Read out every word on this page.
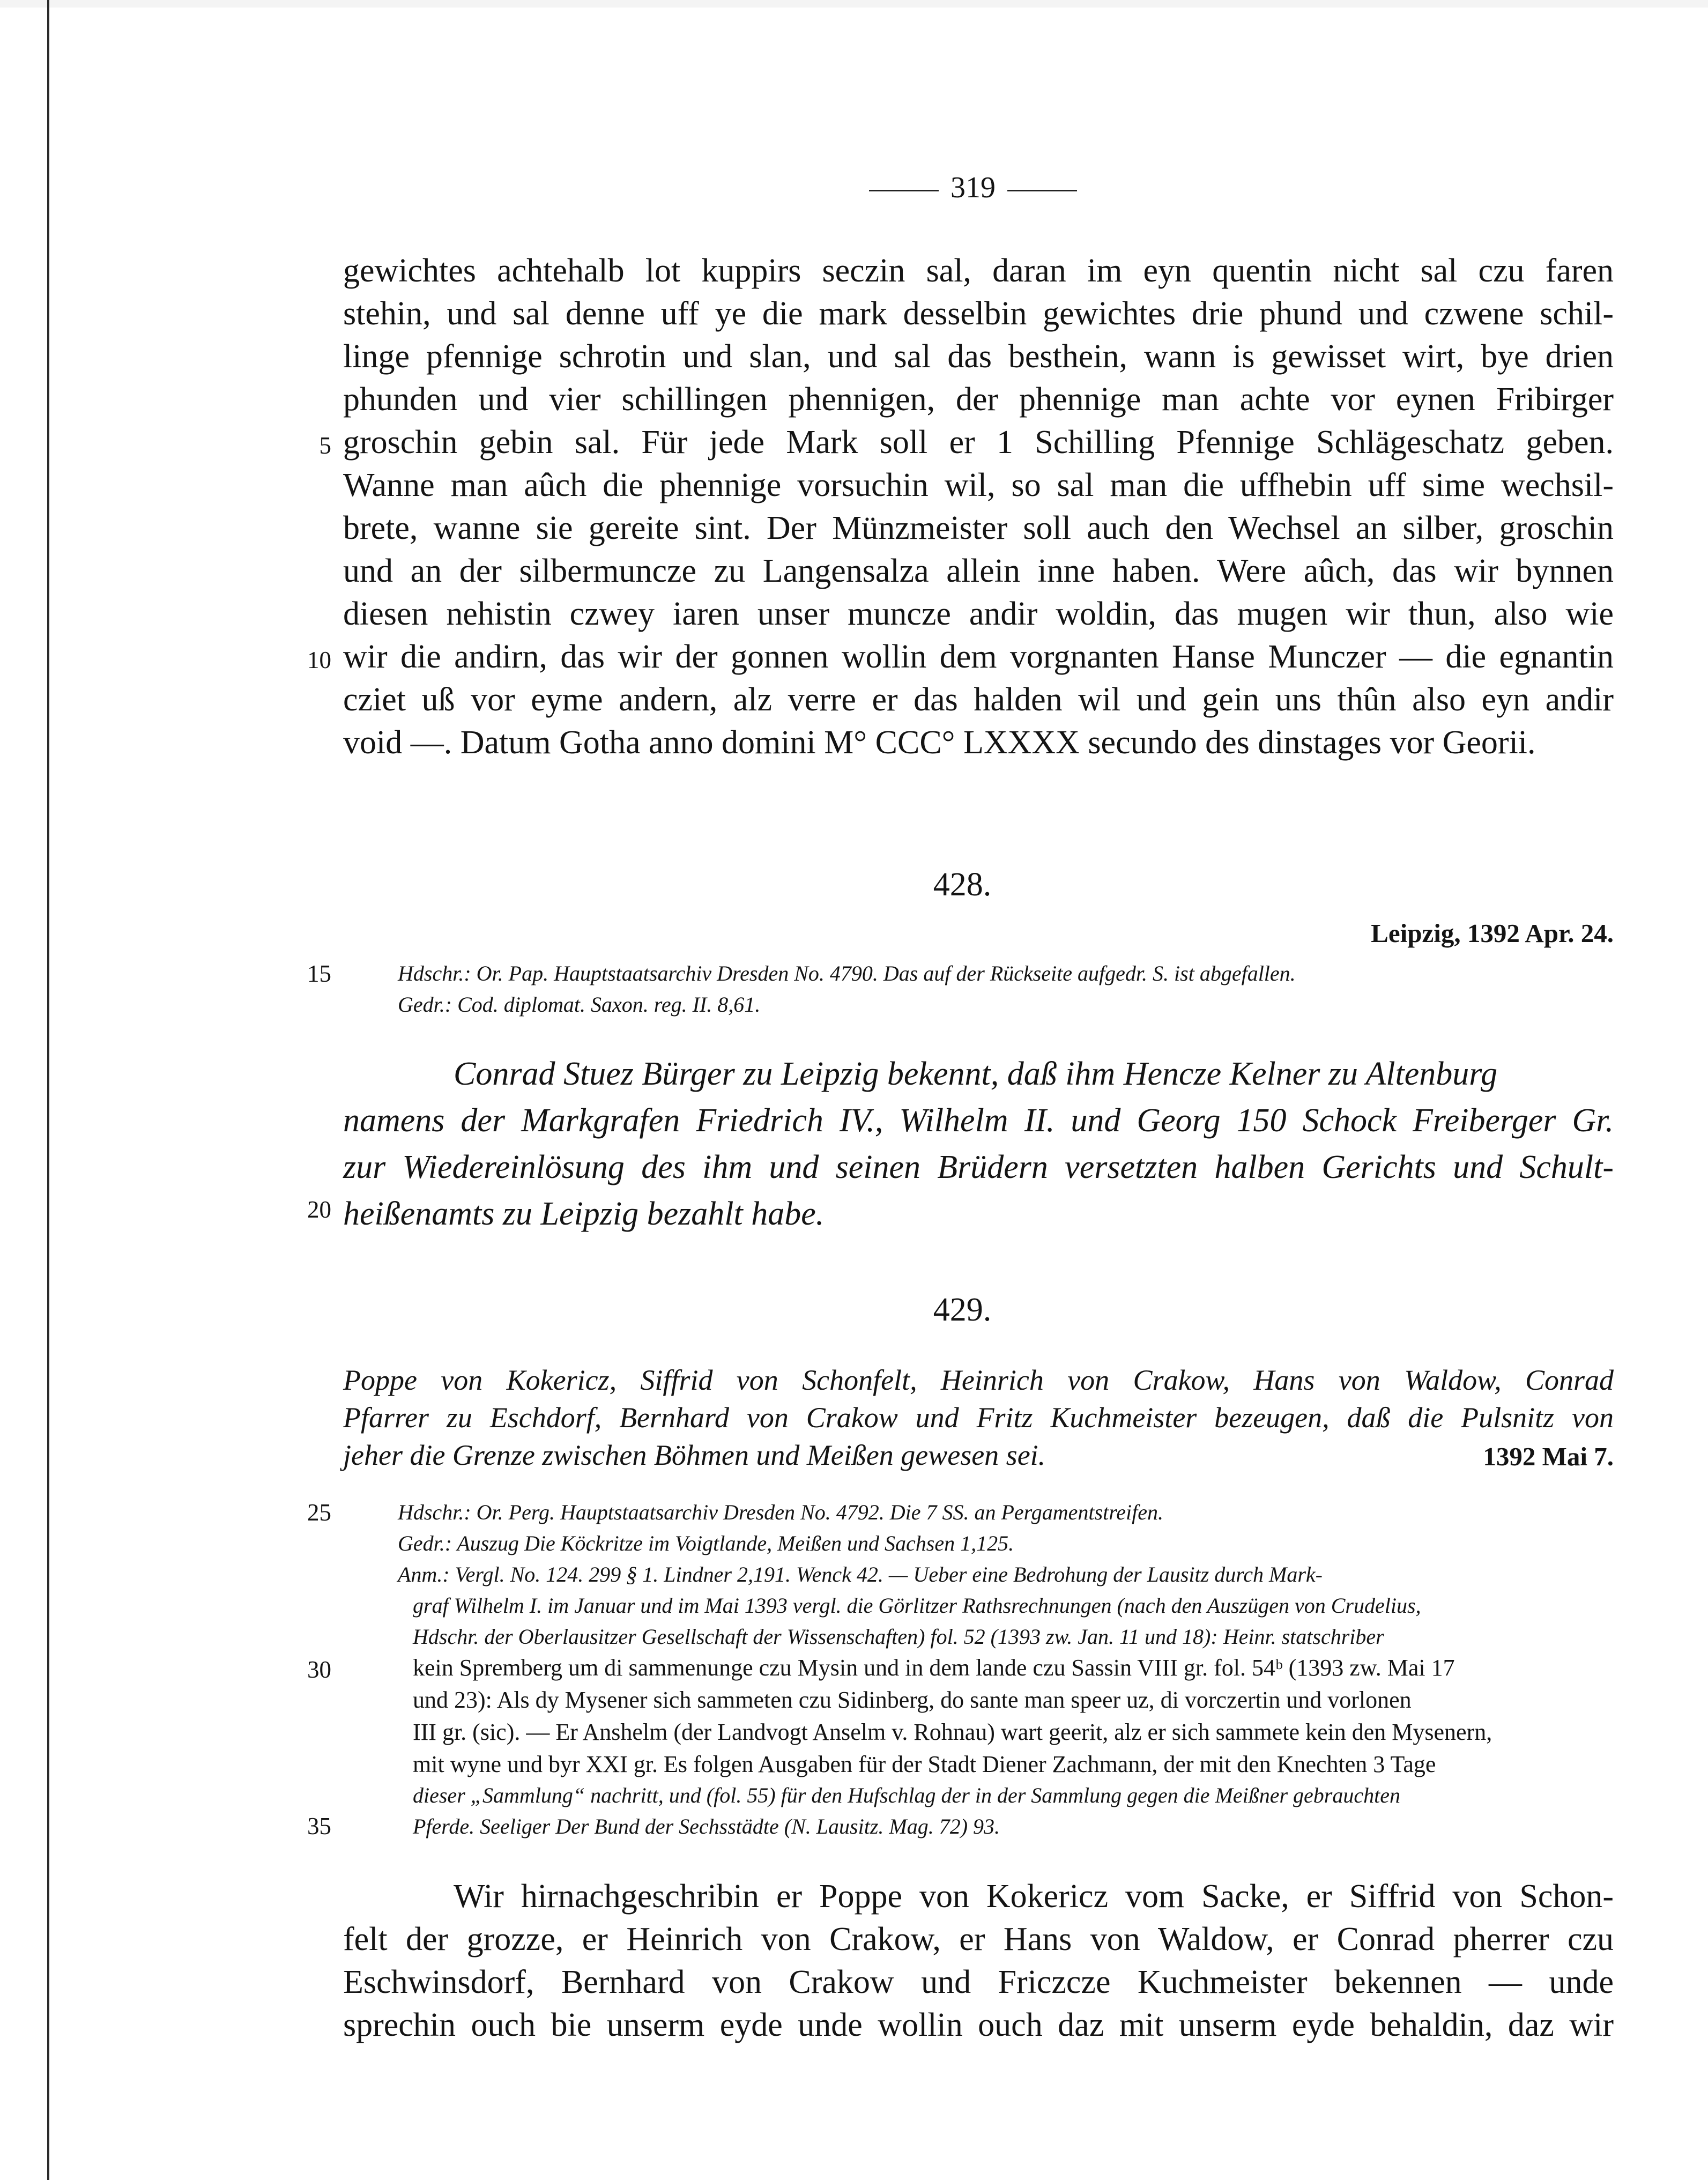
319
gewichtes achtehalb lot kuppirs seczin sal, daran im eyn quentin nicht sal czu faren
stehin, und sal denne uff ye die mark desselbin gewichtes drie phund und czwene schil-
linge pfennige schrotin und slan, und sal das besthein, wann is gewisset wirt, bye drien
phunden und vier schillingen phennigen, der phennige man achte vor eynen Fribirger
groschin gebin sal. Für jede Mark soll er 1 Schilling Pfennige Schlägeschatz geben.
Wanne man aûch die phennige vorsuchin wil, so sal man die uffhebin uff sime wechsil-
brete, wanne sie gereite sint. Der Münzmeister soll auch den Wechsel an silber, groschin
und an der silbermuncze zu Langensalza allein inne haben. Were aûch, das wir bynnen
diesen nehistin czwey iaren unser muncze andir woldin, das mugen wir thun, also wie
wir die andirn, das wir der gonnen wollin dem vorgnanten Hanse Munczer — die egnantin
cziet uß vor eyme andern, alz verre er das halden wil und gein uns thûn also eyn andir
void —. Datum Gotha anno domini M° CCC° LXXXX secundo des dinstages vor Georii.
5
10
15
20
25
30
35
428.
Leipzig, 1392 Apr. 24.
Hdschr.: Or. Pap. Hauptstaatsarchiv Dresden No. 4790. Das auf der Rückseite aufgedr. S. ist abgefallen.
Gedr.: Cod. diplomat. Saxon. reg. II. 8,61.
Conrad Stuez Bürger zu Leipzig bekennt, daß ihm Hencze Kelner zu Altenburg
namens der Markgrafen Friedrich IV., Wilhelm II. und Georg 150 Schock Freiberger Gr.
zur Wiedereinlösung des ihm und seinen Brüdern versetzten halben Gerichts und Schult-
heißenamts zu Leipzig bezahlt habe.
429.
Poppe von Kokericz, Siffrid von Schonfelt, Heinrich von Crakow, Hans von Waldow, Conrad
Pfarrer zu Eschdorf, Bernhard von Crakow und Fritz Kuchmeister bezeugen, daß die Pulsnitz von
jeher die Grenze zwischen Böhmen und Meißen gewesen sei.	1392 Mai 7.
Hdschr.: Or. Perg. Hauptstaatsarchiv Dresden No. 4792. Die 7 SS. an Pergamentstreifen.
Gedr.: Auszug Die Köckritze im Voigtlande, Meißen und Sachsen 1,125.
Anm.: Vergl. No. 124. 299 § 1. Lindner 2,191. Wenck 42. — Ueber eine Bedrohung der Lausitz durch Mark-
graf Wilhelm I. im Januar und im Mai 1393 vergl. die Görlitzer Rathsrechnungen (nach den Auszügen von Crudelius,
Hdschr. der Oberlausitzer Gesellschaft der Wissenschaften) fol. 52 (1393 zw. Jan. 11 und 18): Heinr. statschriber
kein Spremberg um di sammenunge czu Mysin und in dem lande czu Sassin VIII gr. fol. 54ᵇ (1393 zw. Mai 17
und 23): Als dy Mysener sich sammeten czu Sidinberg, do sante man speer uz, di vorczertin und vorlonen
III gr. (sic). — Er Anshelm (der Landvogt Anselm v. Rohnau) wart geerit, alz er sich sammete kein den Mysenern,
mit wyne und byr XXI gr. Es folgen Ausgaben für der Stadt Diener Zachmann, der mit den Knechten 3 Tage
dieser „Sammlung“ nachritt, und (fol. 55) für den Hufschlag der in der Sammlung gegen die Meißner gebrauchten
Pferde. Seeliger Der Bund der Sechsstädte (N. Lausitz. Mag. 72) 93.
Wir hirnachgeschribin er Poppe von Kokericz vom Sacke, er Siffrid von Schon-
felt der grozze, er Heinrich von Crakow, er Hans von Waldow, er Conrad pherrer czu
Eschwinsdorf, Bernhard von Crakow und Friczcze Kuchmeister bekennen — unde
sprechin ouch bie unserm eyde unde wollin ouch daz mit unserm eyde behaldin, daz wir
